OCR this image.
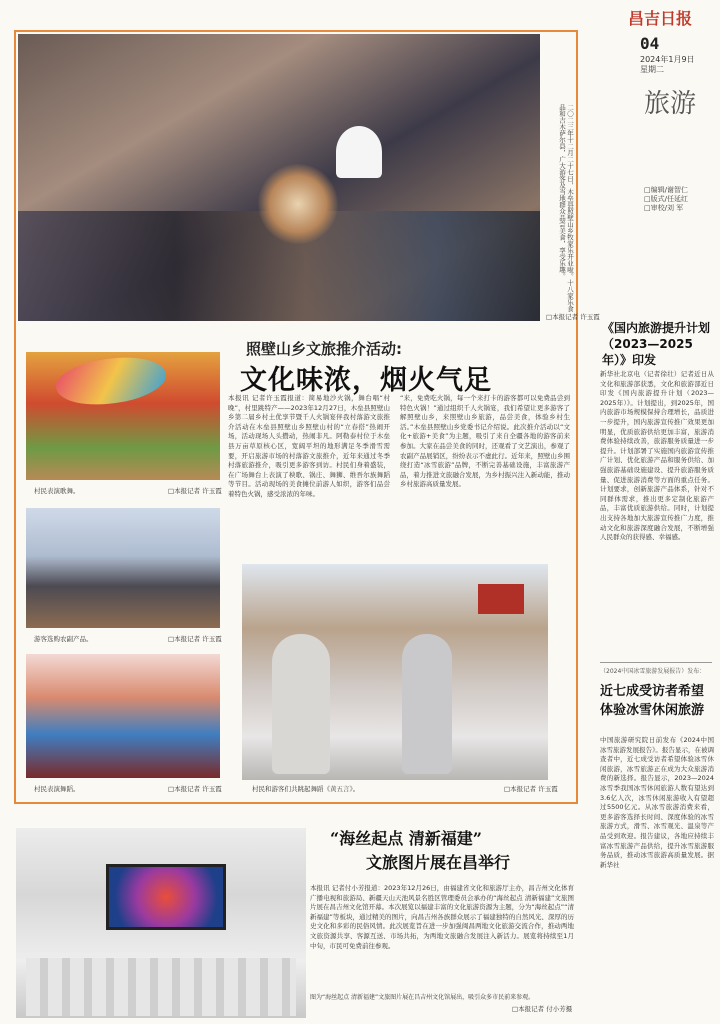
昌吉日报
04
2024年1月9日
星期二
旅游
□编辑/谢智仁
□版式/任延红
□审校/刘 军
二〇二三年十二月二十七日，木垒县照壁山乡牧家乐开业啦。十八家乐食品和吉木萨尔县，广大游客及当地群众品尝美食，享受乐趣。
□本报记者 许玉霞
照壁山乡文旅推介活动:
文化味浓，烟火气足
村民表演歌舞。	□本报记者 许玉霞
游客选购农副产品。	□本报记者 许玉霞
村民表演舞蹈。	□本报记者 许玉霞	村民和游客们共跳起舞蹈《黄五言》。	□本报记者 许玉霞
本报讯 记者许玉霞报道：简易地沙火锅，舞台唱“村晚”，村里跳特产——2023年12月27日，木垒县照壁山乡第二届乡村土优享节暨千人火锅宴伴我村落游文旅推介活动在木垒县照壁山乡照壁山村的“立春搭”热闹开场，活动现场人头攒动，热闹非凡。阿勒泰村位于木垒县万亩草原核心区，宽阔平坦的地形满足冬季滑雪需要，开启旅游市场的村落游文旅推介，近年来通过冬季村落旅游推介，吸引更多游客到访。村民们身着盛装，在广场舞台上表演了秧歌、锅庄、舞狮、维吾尔族舞蹈等节目。活动现场的美食摊位前游人如织，游客们品尝着特色火锅，感受浓浓的年味。
“来，免费吃火锅，每一个来打卡的游客都可以免费品尝到特色火锅！”通过组织千人火锅宴，我们希望让更多游客了解照壁山乡，来照壁山乡旅游，品尝美食，体验乡村生活。”木垒县照壁山乡党委书记介绍说。此次推介活动以“文化+旅游+美食”为主题，吸引了来自全疆各地的游客前来参加。大家在品尝美食的同时，还观看了文艺演出，参观了农副产品展销区，纷纷表示不虚此行。近年来，照壁山乡围绕打造“冰雪旅游”品牌，不断完善基础设施，丰富旅游产品，着力推进文旅融合发展，为乡村振兴注入新动能，推动乡村旅游高质量发展。
《国内旅游提升计划（2023—2025年）》印发
新华社北京电（记者徐壮）记者近日从文化和旅游部获悉，文化和旅游部近日印发《国内旅游提升计划（2023—2025年）》。计划提出，到2025年，国内旅游市场规模保持合理增长，品质进一步提升，国内旅游宣传推广效果更加明显，优质旅游供给更加丰富，旅游消费体验持续改善，旅游服务质量进一步提升。计划部署了实施国内旅游宣传推广计划、优化旅游产品和服务供给、加强旅游基础设施建设、提升旅游服务质量、促进旅游消费等方面的重点任务。计划要求，创新旅游产品体系，针对不同群体需求，推出更多定制化旅游产品，丰富优质旅游供给。同时，计划提出支持各地加大旅游宣传推广力度，推动文化和旅游深度融合发展，不断增强人民群众的获得感、幸福感。
（2024中国冰雪旅游发展报告）发布：
近七成受访者希望体验冰雪休闲旅游
中国旅游研究院日前发布《2024中国冰雪旅游发展报告》。报告显示，在被调查者中，近七成受访者希望体验冰雪休闲旅游，冰雪旅游正在成为大众旅游消费的新选择。报告显示，2023—2024冰雪季我国冰雪休闲旅游人数有望达到3.6亿人次，冰雪休闲旅游收入有望超过5500亿元。从冰雪旅游消费来看，更多游客选择长时间、深度体验的冰雪旅游方式，滑雪、冰雪观光、温泉等产品受到欢迎。报告建议，各地应持续丰富冰雪旅游产品供给，提升冰雪旅游服务品质，推动冰雪旅游高质量发展。据新华社
“海丝起点 清新福建”
文旅图片展在昌举行
本报讯 记者付小芳报道：2023年12月26日，由福建省文化和旅游厅主办，昌吉州文化体育广播电视和旅游局、新疆天山天池风景名胜区管理委员会承办的“海丝起点 清新福建”文旅图片展在昌吉州文化馆开幕。本次展览以福建丰富的文化旅游资源为主题，分为“海丝起点”“清新福建”等板块，通过精美的图片，向昌吉州各族群众展示了福建独特的自然风光、深厚的历史文化和多彩的民俗风情。此次展览旨在进一步加强闽昌两地文化旅游交流合作，推动两地文旅资源共享、客源互送、市场共拓，为两地文旅融合发展注入新活力。展览将持续至1月中旬，市民可免费前往参观。
图为“海丝起点 清新福建”文旅图片展在昌吉州文化馆展出，吸引众多市民前来参观。
□本报记者 付小芳摄
